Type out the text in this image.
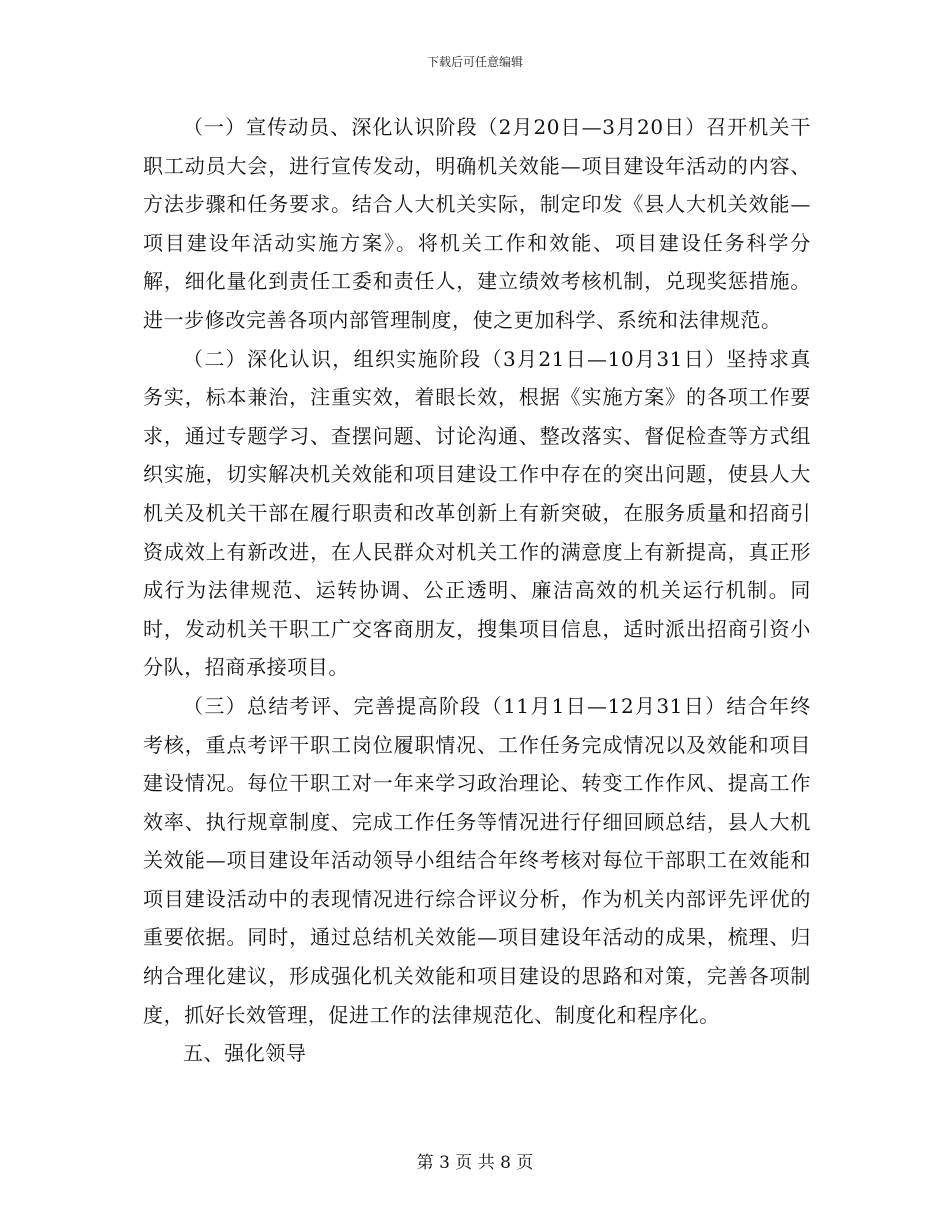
下载后可任意编辑

（一）宣传动员、深化认识阶段（2月20日—3月20日）召开机关干职工动员大会，进行宣传发动，明确机关效能—项目建设年活动的内容、方法步骤和任务要求。结合人大机关实际，制定印发《县人大机关效能—项目建设年活动实施方案》。将机关工作和效能、项目建设任务科学分解，细化量化到责任工委和责任人，建立绩效考核机制，兑现奖惩措施。进一步修改完善各项内部管理制度，使之更加科学、系统和法律规范。

（二）深化认识，组织实施阶段（3月21日—10月31日）坚持求真务实，标本兼治，注重实效，着眼长效，根据《实施方案》的各项工作要求，通过专题学习、查摆问题、讨论沟通、整改落实、督促检查等方式组织实施，切实解决机关效能和项目建设工作中存在的突出问题，使县人大机关及机关干部在履行职责和改革创新上有新突破，在服务质量和招商引资成效上有新改进，在人民群众对机关工作的满意度上有新提高，真正形成行为法律规范、运转协调、公正透明、廉洁高效的机关运行机制。同时，发动机关干职工广交客商朋友，搜集项目信息，适时派出招商引资小分队，招商承接项目。

（三）总结考评、完善提高阶段（11月1日—12月31日）结合年终考核，重点考评干职工岗位履职情况、工作任务完成情况以及效能和项目建设情况。每位干职工对一年来学习政治理论、转变工作作风、提高工作效率、执行规章制度、完成工作任务等情况进行仔细回顾总结，县人大机关效能—项目建设年活动领导小组结合年终考核对每位干部职工在效能和项目建设活动中的表现情况进行综合评议分析，作为机关内部评先评优的重要依据。同时，通过总结机关效能—项目建设年活动的成果，梳理、归纳合理化建议，形成强化机关效能和项目建设的思路和对策，完善各项制度，抓好长效管理，促进工作的法律规范化、制度化和程序化。

五、强化领导

第 3 页 共 8 页
